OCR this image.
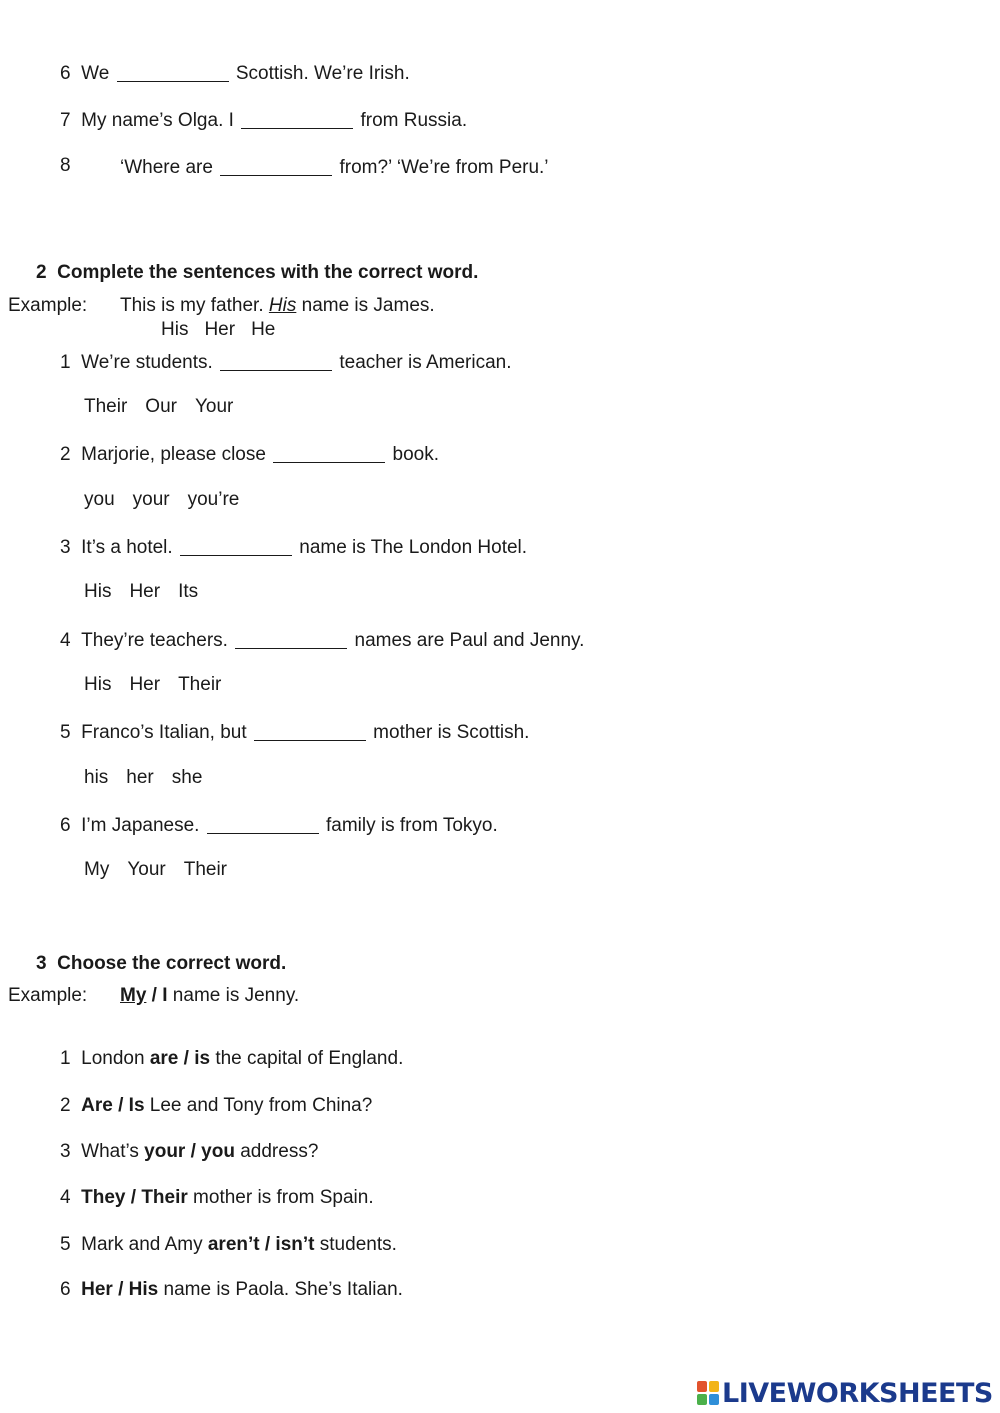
6 We	Scottish. We’re Irish.
7 My name’s Olga. I	from Russia.
8	‘Where are	from?’ ‘We’re from Peru.’
2 Complete the sentences with the correct word.
Example: This is my father. His name is James.
His Her He
1 We’re students.	teacher is American.
Their Our Your
2 Marjorie, please close	book.
you your you’re
3 It’s a hotel.	name is The London Hotel.
His Her Its
4 They’re teachers.	names are Paul and Jenny.
His Her Their
5 Franco’s Italian, but	mother is Scottish.
his her she
6 I’m Japanese.	family is from Tokyo.
My Your Their
3 Choose the correct word.
Example: My / I name is Jenny.
1 London are / is the capital of England.
2 Are / Is Lee and Tony from China?
3 What’s your / you address?
4 They / Their mother is from Spain.
5 Mark and Amy aren’t / isn’t students.
6 Her / His name is Paola. She’s Italian.
LIVEWORKSHEETS
